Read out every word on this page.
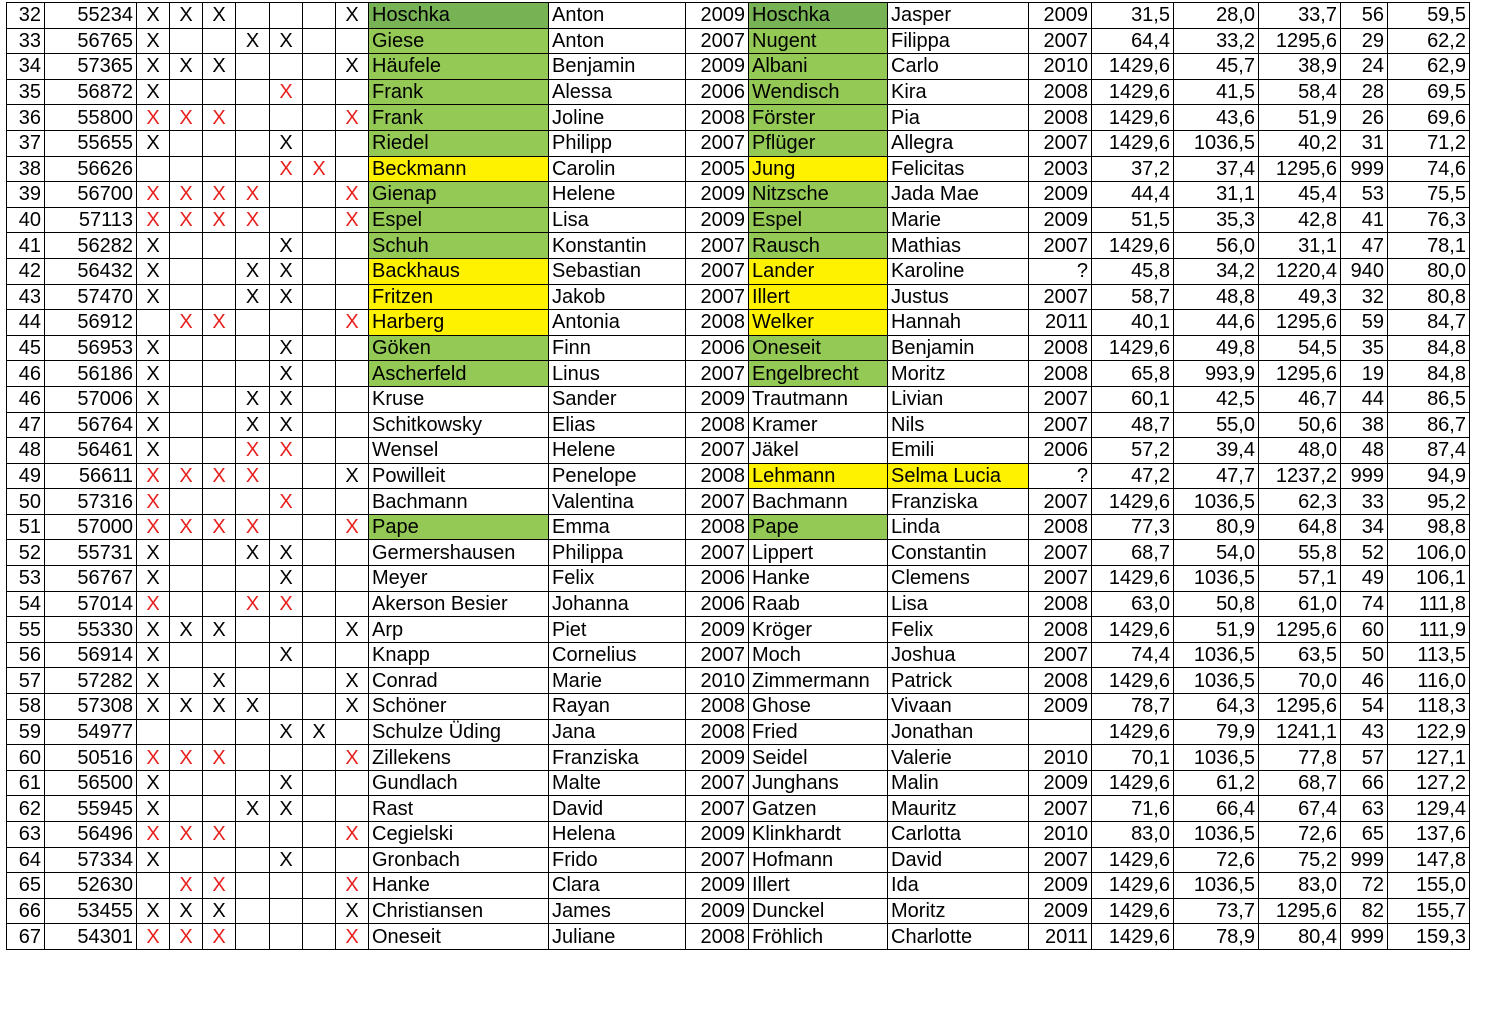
32	55234	X	X	X				X	Hoschka	Anton	2009	Hoschka	Jasper	2009	31,5	28,0	33,7	56	59,5
33	56765	X			X	X			Giese	Anton	2007	Nugent	Filippa	2007	64,4	33,2	1295,6	29	62,2
34	57365	X	X	X				X	Häufele	Benjamin	2009	Albani	Carlo	2010	1429,6	45,7	38,9	24	62,9
35	56872	X				X			Frank	Alessa	2006	Wendisch	Kira	2008	1429,6	41,5	58,4	28	69,5
36	55800	X	X	X				X	Frank	Joline	2008	Förster	Pia	2008	1429,6	43,6	51,9	26	69,6
37	55655	X				X			Riedel	Philipp	2007	Pflüger	Allegra	2007	1429,6	1036,5	40,2	31	71,2
38	56626					X	X		Beckmann	Carolin	2005	Jung	Felicitas	2003	37,2	37,4	1295,6	999	74,6
39	56700	X	X	X	X			X	Gienap	Helene	2009	Nitzsche	Jada Mae	2009	44,4	31,1	45,4	53	75,5
40	57113	X	X	X	X			X	Espel	Lisa	2009	Espel	Marie	2009	51,5	35,3	42,8	41	76,3
41	56282	X				X			Schuh	Konstantin	2007	Rausch	Mathias	2007	1429,6	56,0	31,1	47	78,1
42	56432	X			X	X			Backhaus	Sebastian	2007	Lander	Karoline	?	45,8	34,2	1220,4	940	80,0
43	57470	X			X	X			Fritzen	Jakob	2007	Illert	Justus	2007	58,7	48,8	49,3	32	80,8
44	56912		X	X				X	Harberg	Antonia	2008	Welker	Hannah	2011	40,1	44,6	1295,6	59	84,7
45	56953	X				X			Göken	Finn	2006	Oneseit	Benjamin	2008	1429,6	49,8	54,5	35	84,8
46	56186	X				X			Ascherfeld	Linus	2007	Engelbrecht	Moritz	2008	65,8	993,9	1295,6	19	84,8
46	57006	X			X	X			Kruse	Sander	2009	Trautmann	Livian	2007	60,1	42,5	46,7	44	86,5
47	56764	X			X	X			Schitkowsky	Elias	2008	Kramer	Nils	2007	48,7	55,0	50,6	38	86,7
48	56461	X			X	X			Wensel	Helene	2007	Jäkel	Emili	2006	57,2	39,4	48,0	48	87,4
49	56611	X	X	X	X			X	Powilleit	Penelope	2008	Lehmann	Selma Lucia	?	47,2	47,7	1237,2	999	94,9
50	57316	X				X			Bachmann	Valentina	2007	Bachmann	Franziska	2007	1429,6	1036,5	62,3	33	95,2
51	57000	X	X	X	X			X	Pape	Emma	2008	Pape	Linda	2008	77,3	80,9	64,8	34	98,8
52	55731	X			X	X			Germershausen	Philippa	2007	Lippert	Constantin	2007	68,7	54,0	55,8	52	106,0
53	56767	X				X			Meyer	Felix	2006	Hanke	Clemens	2007	1429,6	1036,5	57,1	49	106,1
54	57014	X			X	X			Akerson Besier	Johanna	2006	Raab	Lisa	2008	63,0	50,8	61,0	74	111,8
55	55330	X	X	X				X	Arp	Piet	2009	Kröger	Felix	2008	1429,6	51,9	1295,6	60	111,9
56	56914	X				X			Knapp	Cornelius	2007	Moch	Joshua	2007	74,4	1036,5	63,5	50	113,5
57	57282	X		X				X	Conrad	Marie	2010	Zimmermann	Patrick	2008	1429,6	1036,5	70,0	46	116,0
58	57308	X	X	X	X			X	Schöner	Rayan	2008	Ghose	Vivaan	2009	78,7	64,3	1295,6	54	118,3
59	54977					X	X		Schulze Üding	Jana	2008	Fried	Jonathan		1429,6	79,9	1241,1	43	122,9
60	50516	X	X	X				X	Zillekens	Franziska	2009	Seidel	Valerie	2010	70,1	1036,5	77,8	57	127,1
61	56500	X				X			Gundlach	Malte	2007	Junghans	Malin	2009	1429,6	61,2	68,7	66	127,2
62	55945	X			X	X			Rast	David	2007	Gatzen	Mauritz	2007	71,6	66,4	67,4	63	129,4
63	56496	X	X	X				X	Cegielski	Helena	2009	Klinkhardt	Carlotta	2010	83,0	1036,5	72,6	65	137,6
64	57334	X				X			Gronbach	Frido	2007	Hofmann	David	2007	1429,6	72,6	75,2	999	147,8
65	52630		X	X				X	Hanke	Clara	2009	Illert	Ida	2009	1429,6	1036,5	83,0	72	155,0
66	53455	X	X	X				X	Christiansen	James	2009	Dunckel	Moritz	2009	1429,6	73,7	1295,6	82	155,7
67	54301	X	X	X				X	Oneseit	Juliane	2008	Fröhlich	Charlotte	2011	1429,6	78,9	80,4	999	159,3
